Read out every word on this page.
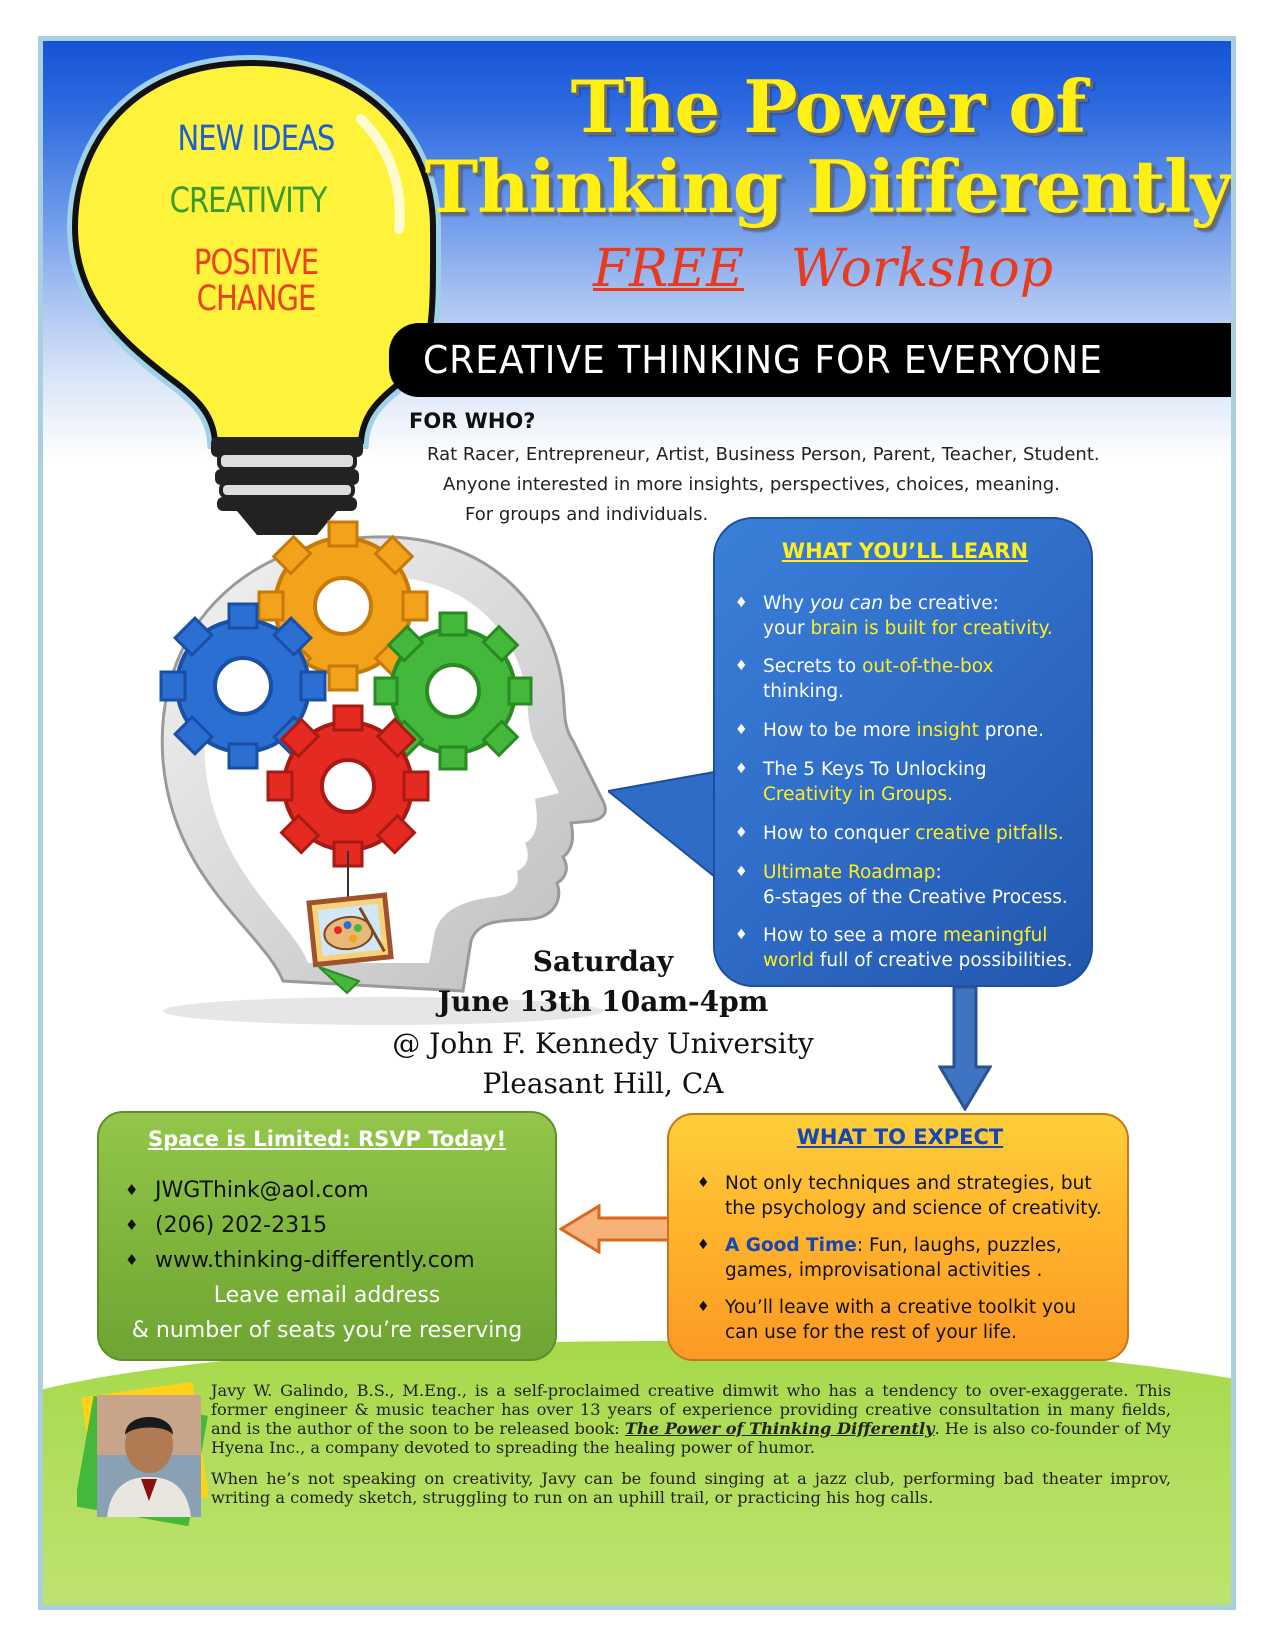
NEW IDEAS
CREATIVITY
POSITIVE
CHANGE
The Power of
Thinking Differently
FREE Workshop
CREATIVE THINKING FOR EVERYONE
FOR WHO?
Rat Racer, Entrepreneur, Artist, Business Person, Parent, Teacher, Student.
Anyone interested in more insights, perspectives, choices, meaning.
For groups and individuals.
WHAT YOU’LL LEARN
♦ Why you can be creative:
your brain is built for creativity.
♦ Secrets to out-of-the-box thinking.
♦ How to be more insight prone.
♦ The 5 Keys To Unlocking Creativity in Groups.
♦ How to conquer creative pitfalls.
♦ Ultimate Roadmap:
6-stages of the Creative Process.
♦ How to see a more meaningful world full of creative possibilities.
Saturday
June 13th 10am-4pm
@ John F. Kennedy University
Pleasant Hill, CA
Space is Limited: RSVP Today!
♦ JWGThink@aol.com
♦ (206) 202-2315
♦ www.thinking-differently.com
Leave email address
& number of seats you’re reserving
WHAT TO EXPECT
♦ Not only techniques and strategies, but the psychology and science of creativity.
♦ A Good Time: Fun, laughs, puzzles, games, improvisational activities .
♦ You’ll leave with a creative toolkit you can use for the rest of your life.

Javy W. Galindo, B.S., M.Eng., is a self-proclaimed creative dimwit who has a tendency to over-exaggerate. This former engineer & music teacher has over 13 years of experience providing creative consultation in many fields, and is the author of the soon to be released book: The Power of Thinking Differently. He is also co-founder of My Hyena Inc., a company devoted to spreading the healing power of humor.

When he’s not speaking on creativity, Javy can be found singing at a jazz club, performing bad theater improv, writing a comedy sketch, struggling to run on an uphill trail, or practicing his hog calls.
